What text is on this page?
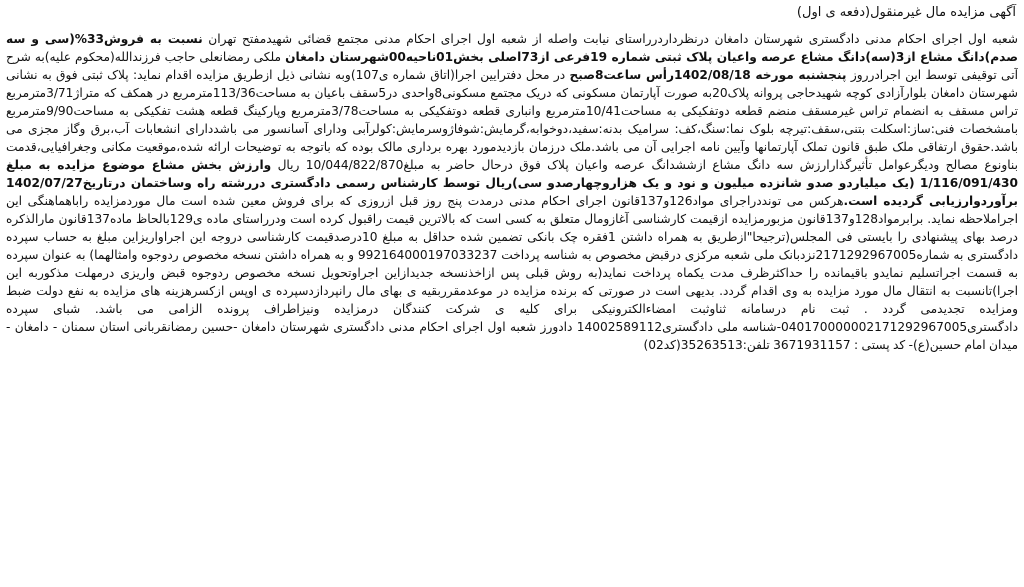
آگهی مزایده مال غیرمنقول(دفعه ی اول)

شعبه اول اجرای احکام مدنی دادگستری شهرستان دامغان درنظرداردرراستای نیابت واصله از شعبه اول اجرای احکام مدنی مجتمع قضائی شهیدمفتح تهران نسبت به فروش33%(سی و سه صدم)دانگ مشاع از3(سه)دانگ مشاع عرصه واعیان پلاک ثبتی شماره 19فرعی از73اصلی بخش01ناحیه00شهرستان دامغان ملکی رمضانعلی حاجب فرزندالله(محکوم علیه)به شرح آتی توقیفی توسط این اجرادرروز پنجشنبه مورخه 1402/08/18رأس ساعت8صبح در محل دفترایین اجرا(اتاق شماره ی107)وبه نشانی ذیل ازطریق مزایده اقدام نماید: پلاک ثبتی فوق به نشانی شهرستان دامغان بلوارآزادی کوچه شهیدحاجی پروانه پلاک20به صورت آپارتمان مسکونی که دریک مجتمع مسکونی8واحدی در5سقف باعیان به مساحت113/36مترمربع در همکف که متراژ3/71مترمربع تراس مسقف به انضمام تراس غیرمسقف منضم قطعه دوتفکیکی به مساحت10/41مترمربع وانباری قطعه دوتفکیکی به مساحت3/78مترمربع وپارکینگ قطعه هشت تفکیکی به مساحت9/90مترمربع بامشخصات فنی:ساز:اسکلت بتنی،سقف:تیرچه بلوک نما:سنگ،کف: سرامیک بدنه:سفید،دوخوابه،گرمایش:شوفاژوسرمایش:کولرآبی ودارای آسانسور می باشددارای انشعابات آب،برق وگاز مجزی می باشد.حقوق ارتفاقی ملک طبق قانون تملک آپارتمانها وآیین نامه اجرایی آن می باشد.ملک درزمان بازدیدمورد بهره برداری مالک بوده که باتوجه به توضیحات ارائه شده،موقعیت مکانی وجغرافیایی،قدمت بناونوع مصالح ودیگرعوامل تأثیرگذارارزش سه دانگ مشاع ازششدانگ عرصه واعیان پلاک فوق درحال حاضر به مبلغ10/044/822/870 ریال وارزش بخش مشاع موضوع مزایده به مبلغ 1/116/091/430 (یک میلیاردو صدو شانزده میلیون و نود و یک هزاروچهارصدو سی)ریال توسط کارشناس رسمی دادگستری دررشته راه وساختمان درتاریخ1402/07/27 برآوردوارزیابی گردیده است.هرکس می تونددراجرای مواد126و137قانون اجرای احکام مدنی درمدت پنج روز قبل ازروزی که برای فروش معین شده است مال موردمزایده راباهماهنگی این اجراملاحظه نماید. برابرمواد128و137قانون مزبورمزایده ازقیمت کارشناسی آغازومال متعلق به کسی است که بالاترین قیمت راقبول کرده است ودرراستای ماده ی129بالحاظ ماده137قانون مارالذکره درصد بهای پیشنهادی را بایستی فی المجلس(ترجیحا"ازطریق به همراه داشتن 1فقره چک بانکی تضمین شده حداقل به مبلغ 10درصدقیمت کارشناسی دروجه این اجراواریزاین مبلغ به حساب سپرده دادگستری به شماره2171292967005نزدبانک ملی شعبه مرکزی درقبض مخصوص به شناسه پرداخت 992164000197033237 و به همراه داشتن نسخه مخصوص ردوجوه وامثالهما) به عنوان سپرده به قسمت اجراتسلیم نمایدو باقیمانده را حداکثرظرف مدت یکماه پرداخت نماید(به روش قبلی پس ازاخذنسخه جدیدازاین اجراوتحویل نسخه مخصوص ردوجوه قبض واریزی درمهلت مذکوربه این اجرا)تانسبت به انتقال مال مورد مزایده به وی اقدام گردد. بدیهی است در صورتی که برنده مزایده در موعدمقرربقیه ی بهای مال رانپردازدسپرده ی اوپس ازکسرهزینه های مزایده به نفع دولت ضبط ومزایده تجدیدمی گردد . ثبت نام درسامانه ثناوثبت امضاءالکترونیکی برای کلیه ی شرکت کنندگان درمزایده ونیزاطراف پرونده الزامی می باشد. شبای سپرده دادگستری040170000002171292967005-شناسه ملی دادگستری14002589112 دادورز شعبه اول اجرای احکام مدنی دادگستری شهرستان دامغان -حسین رمضانقربانی استان سمنان - دامغان - میدان امام حسین(ع)- کد پستی : 3671931157 تلفن:35263513(کد02)
